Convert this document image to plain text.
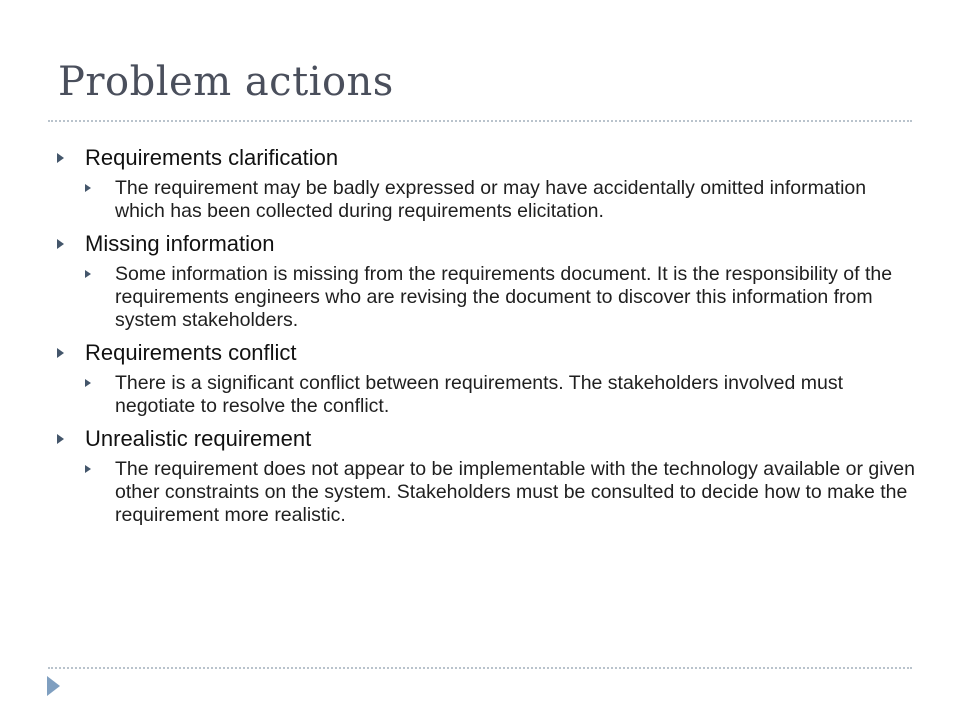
Problem actions
Requirements clarification
The requirement may be badly expressed or may have accidentally omitted information which has been collected during requirements elicitation.
Missing information
Some information is missing from the requirements document. It is the responsibility of the requirements engineers who are revising the document to discover this information from system stakeholders.
Requirements conflict
There is a significant conflict between requirements. The stakeholders involved must negotiate to resolve the conflict.
Unrealistic requirement
The requirement does not appear to be implementable with the technology available or given other constraints on the system. Stakeholders must be consulted to decide how to make the requirement more realistic.
